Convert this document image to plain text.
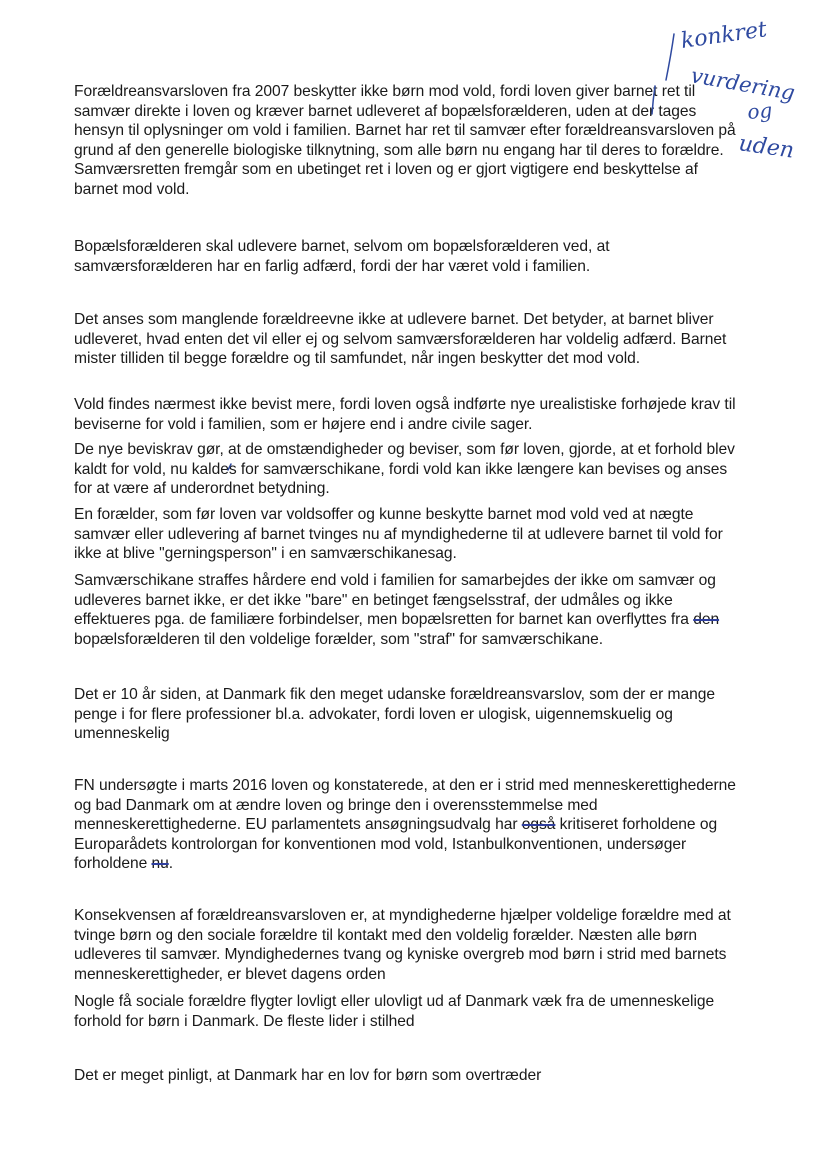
Forældreansvarsloven fra 2007 beskytter ikke børn mod vold, fordi loven giver barnet ret til samvær direkte i loven og kræver barnet udleveret af bopælsforælderen, uden at der tages hensyn til oplysninger om vold i familien. Barnet har ret til samvær efter forældreansvarsloven på grund af den generelle biologiske tilknytning, som alle børn nu engang har til deres to forældre. Samværsretten fremgår som en ubetinget ret i loven og er gjort vigtigere end beskyttelse af barnet mod vold.

Bopælsforælderen skal udlevere barnet, selvom om bopælsforælderen ved, at samværsforælderen har en farlig adfærd, fordi der har været vold i familien.

Det anses som manglende forældreevne ikke at udlevere barnet. Det betyder, at barnet bliver udleveret, hvad enten det vil eller ej og selvom samværsforælderen har voldelig adfærd. Barnet mister tilliden til begge forældre og til samfundet, når ingen beskytter det mod vold.

Vold findes nærmest ikke bevist mere, fordi loven også indførte nye urealistiske forhøjede krav til beviserne for vold i familien, som er højere end i andre civile sager.

De nye beviskrav gør, at de omstændigheder og beviser, som før loven, gjorde, at et forhold blev kaldt for vold, nu kaldes for samværschikane, fordi vold kan ikke længere kan bevises og anses for at være af underordnet betydning.

En forælder, som før loven var voldsoffer og kunne beskytte barnet mod vold ved at nægte samvær eller udlevering af barnet tvinges nu af myndighederne til at udlevere barnet til vold for ikke at blive "gerningsperson" i en samværschikanesag.

Samværschikane straffes hårdere end vold i familien for samarbejdes der ikke om samvær og udleveres barnet ikke, er det ikke "bare" en betinget fængselsstraf, der udmåles og ikke effektueres pga. de familiære forbindelser, men bopælsretten for barnet kan overflyttes fra den bopælsforælderen til den voldelige forælder, som "straf" for samværschikane.

Det er 10 år siden, at Danmark fik den meget udanske forældreansvarslov, som der er mange penge i for flere professioner bl.a. advokater, fordi loven er ulogisk, uigennemskuelig og umenneskelig

FN undersøgte i marts 2016 loven og konstaterede, at den er i strid med menneskerettighederne og bad Danmark om at ændre loven og bringe den i overensstemmelse med menneskerettighederne. EU parlamentets ansøgningsudvalg har også kritiseret forholdene og Europarådets kontrolorgan for konventionen mod vold, Istanbulkonventionen, undersøger forholdene nu.

Konsekvensen af forældreansvarsloven er, at myndighederne hjælper voldelige forældre med at tvinge børn og den sociale forældre til kontakt med den voldelig forælder. Næsten alle børn udleveres til samvær. Myndighedernes tvang og kyniske overgreb mod børn i strid med barnets menneskerettigheder, er blevet dagens orden

Nogle få sociale forældre flygter lovligt eller ulovligt ud af Danmark væk fra de umenneskelige forhold for børn i Danmark. De fleste lider i stilhed

Det er meget pinligt, at Danmark har en lov for børn som overtræder

konkret
vurdering
og
uden
